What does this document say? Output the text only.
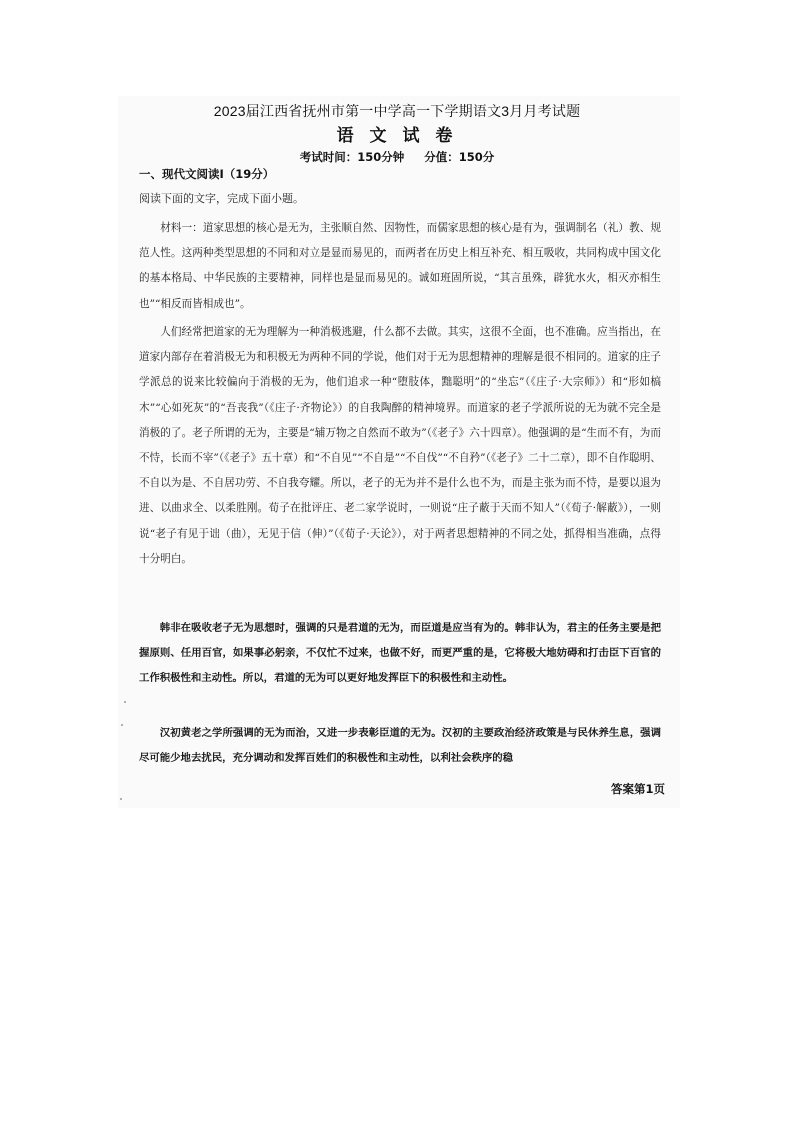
2023届江西省抚州市第一中学高一下学期语文3月月考试题
语 文 试 卷
考试时间：150分钟 分值：150分
一、现代文阅读Ⅰ（19分）
阅读下面的文字，完成下面小题。

材料一：道家思想的核心是无为，主张顺自然、因物性，而儒家思想的核心是有为，强调制名（礼）教、规范人性。这两种类型思想的不同和对立是显而易见的，而两者在历史上相互补充、相互吸收，共同构成中国文化的基本格局、中华民族的主要精神，同样也是显而易见的。诚如班固所说，“其言虽殊，辟犹水火，相灭亦相生也”“相反而皆相成也”。

人们经常把道家的无为理解为一种消极逃避，什么都不去做。其实，这很不全面，也不准确。应当指出，在道家内部存在着消极无为和积极无为两种不同的学说，他们对于无为思想精神的理解是很不相同的。道家的庄子学派总的说来比较偏向于消极的无为，他们追求一种“堕肢体，黜聪明”的“坐忘”（《庄子·大宗师》）和“形如槁木”“心如死灰”的“吾丧我”（《庄子·齐物论》）的自我陶醉的精神境界。而道家的老子学派所说的无为就不完全是消极的了。老子所谓的无为，主要是“辅万物之自然而不敢为”（《老子》六十四章）。他强调的是“生而不有，为而不恃，长而不宰”（《老子》五十章）和“不自见”“不自是”“不自伐”“不自矜”（《老子》二十二章），即不自作聪明、不自以为是、不自居功劳、不自我夸耀。所以，老子的无为并不是什么也不为，而是主张为而不恃，是要以退为进、以曲求全、以柔胜刚。荀子在批评庄、老二家学说时，一则说“庄子蔽于天而不知人”（《荀子·解蔽》），一则说“老子有见于诎（曲），无见于信（伸）”（《荀子·天论》），对于两者思想精神的不同之处，抓得相当准确，点得十分明白。

韩非在吸收老子无为思想时，强调的只是君道的无为，而臣道是应当有为的。韩非认为，君主的任务主要是把握原则、任用百官，如果事必躬亲，不仅忙不过来，也做不好，而更严重的是，它将极大地妨碍和打击臣下百官的工作积极性和主动性。所以，君道的无为可以更好地发挥臣下的积极性和主动性。

汉初黄老之学所强调的无为而治，又进一步表彰臣道的无为。汉初的主要政治经济政策是与民休养生息，强调尽可能少地去扰民，充分调动和发挥百姓们的积极性和主动性，以利社会秩序的稳

答案第1页
